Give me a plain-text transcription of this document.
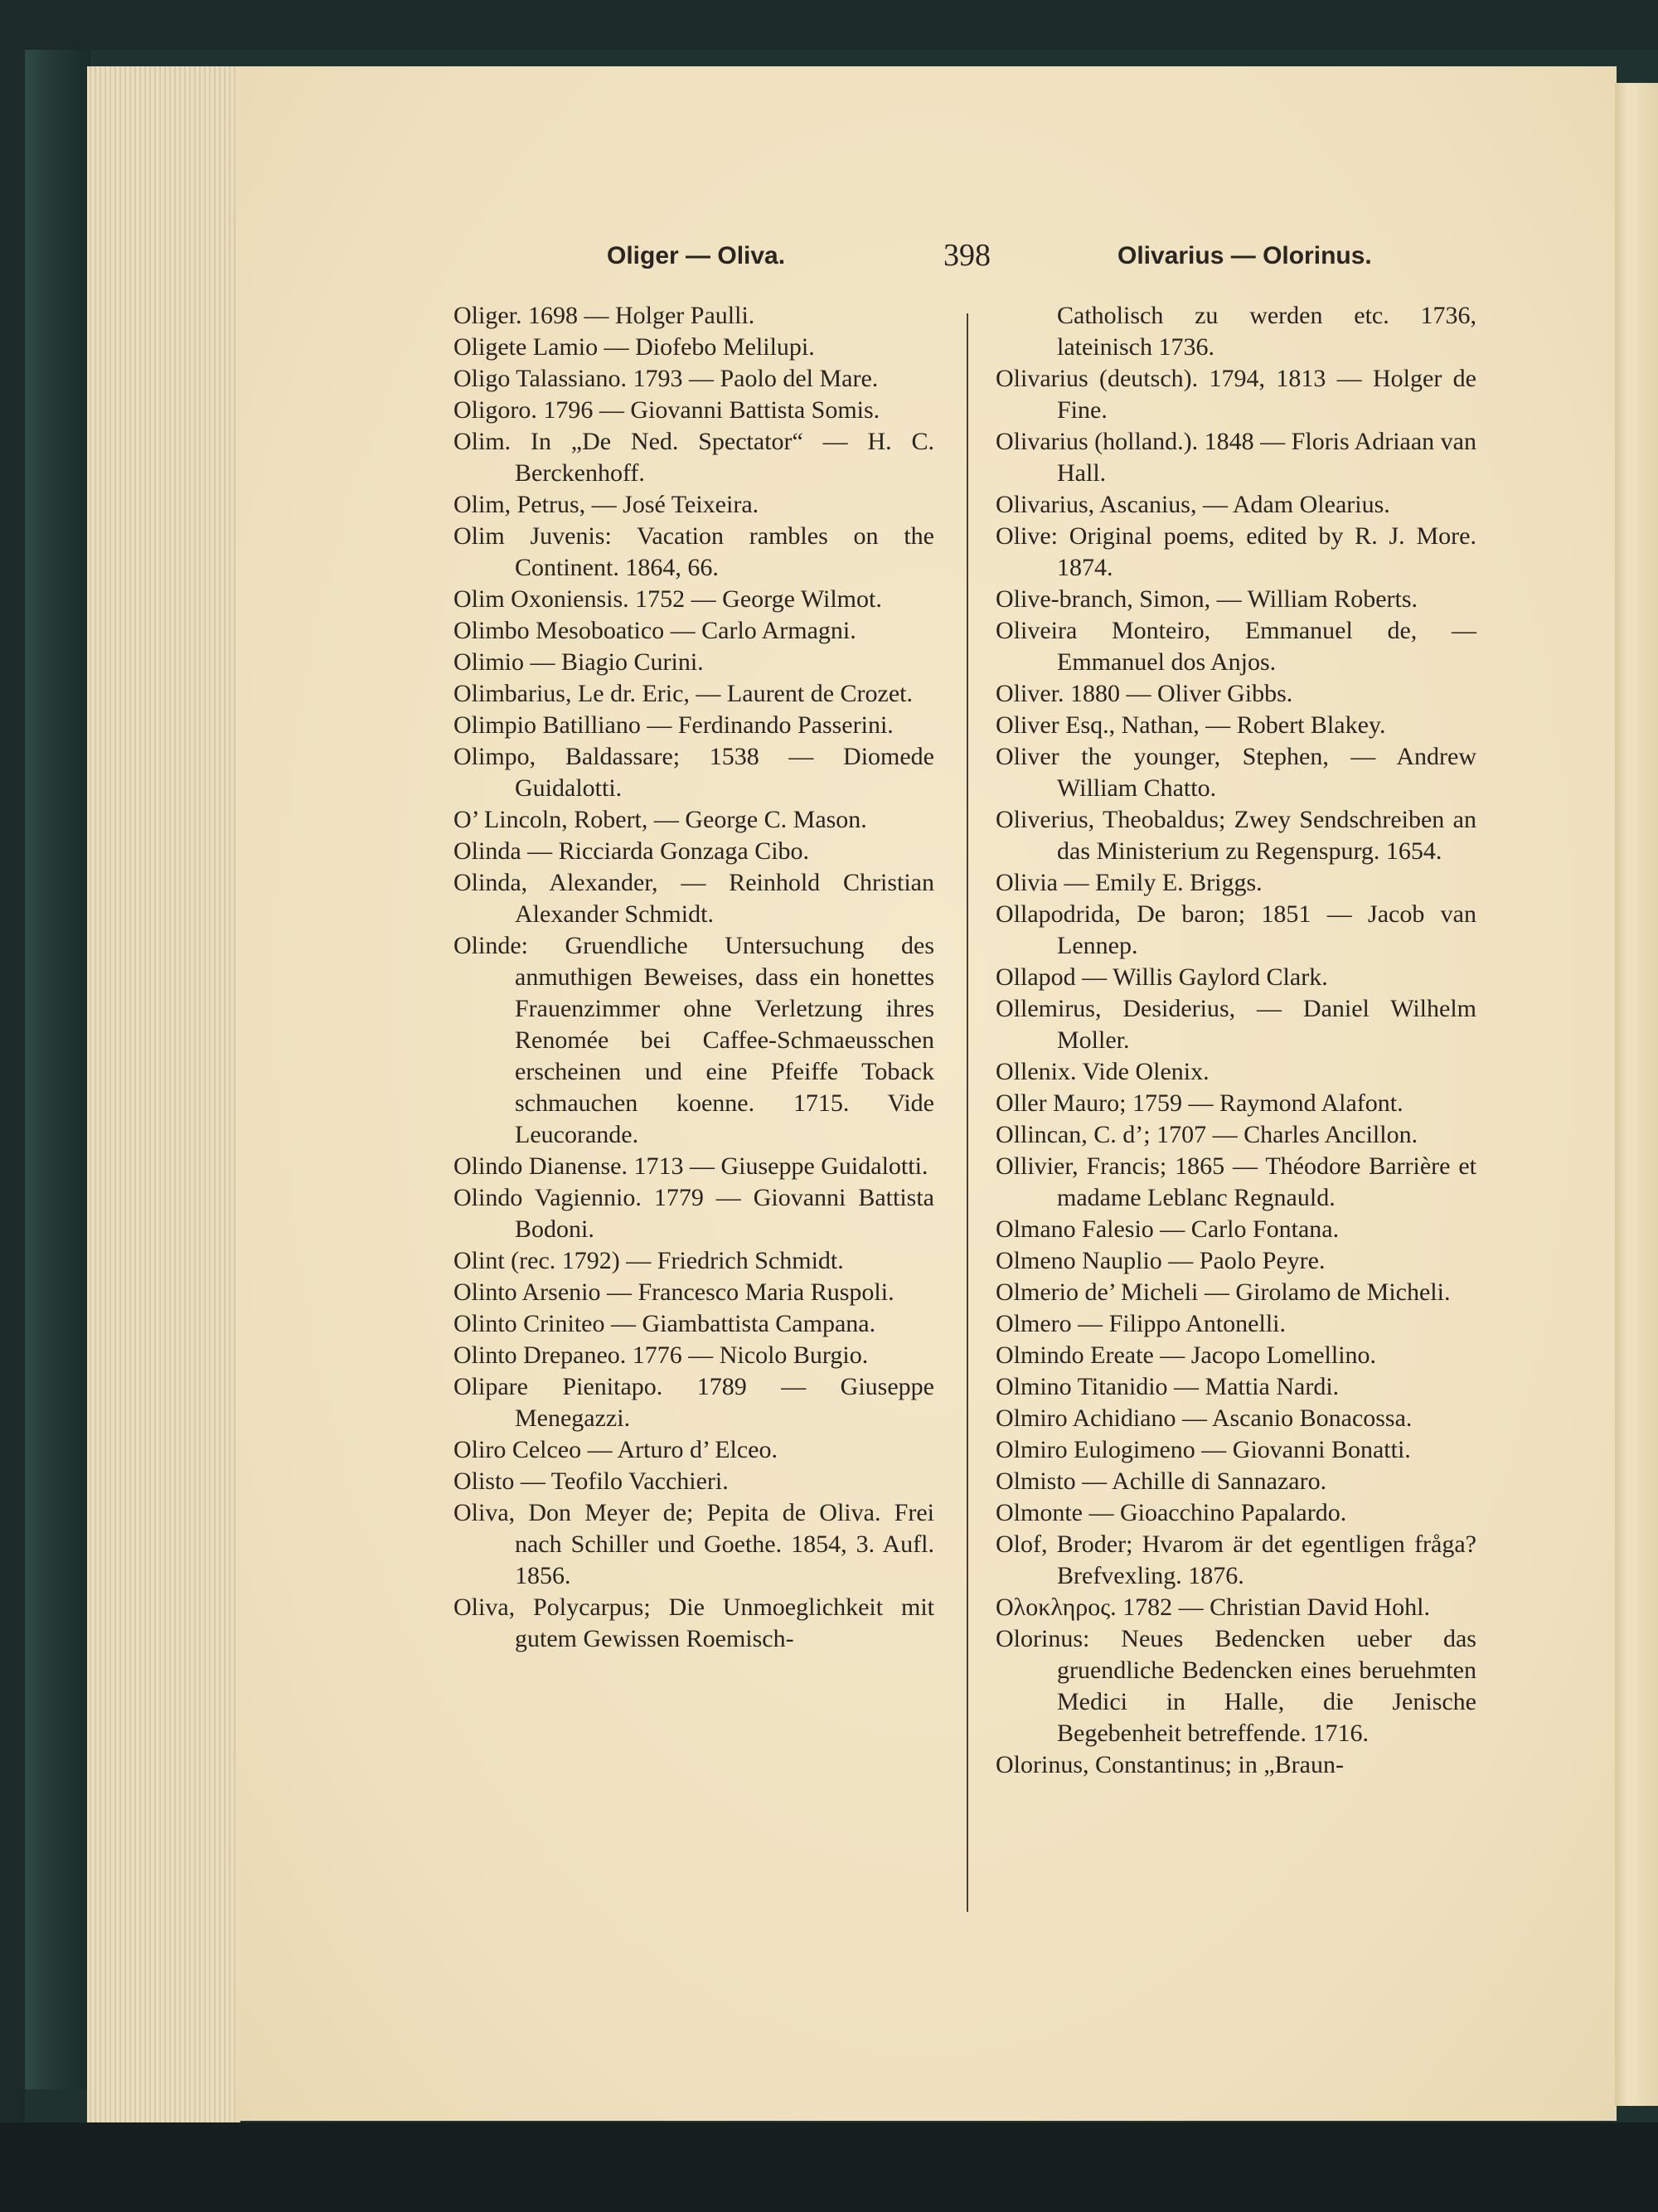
Oliger — Oliva.	398	Olivarius — Olorinus.

Oliger. 1698 — Holger Paulli.

Oligete Lamio — Diofebo Melilupi.

Oligo Talassiano. 1793 — Paolo del Mare.

Oligoro. 1796 — Giovanni Battista Somis.

Olim. In „De Ned. Spectator“ — H. C. Berckenhoff.

Olim, Petrus, — José Teixeira.

Olim Juvenis: Vacation rambles on the Continent. 1864, 66.

Olim Oxoniensis. 1752 — George Wilmot.

Olimbo Mesoboatico — Carlo Armagni.

Olimio — Biagio Curini.

Olimbarius, Le dr. Eric, — Laurent de Crozet.

Olimpio Batilliano — Ferdinando Passerini.

Olimpo, Baldassare; 1538 — Diomede Guidalotti.

O’ Lincoln, Robert, — George C. Mason.

Olinda — Ricciarda Gonzaga Cibo.

Olinda, Alexander, — Reinhold Christian Alexander Schmidt.

Olinde: Gruendliche Untersuchung des anmuthigen Beweises, dass ein honettes Frauenzimmer ohne Verletzung ihres Renomée bei Caffee-Schmaeusschen erscheinen und eine Pfeiffe Toback schmauchen koenne. 1715. Vide Leucorande.

Olindo Dianense. 1713 — Giuseppe Guidalotti.

Olindo Vagiennio. 1779 — Giovanni Battista Bodoni.

Olint (rec. 1792) — Friedrich Schmidt.

Olinto Arsenio — Francesco Maria Ruspoli.

Olinto Criniteo — Giambattista Campana.

Olinto Drepaneo. 1776 — Nicolo Burgio.

Olipare Pienitapo. 1789 — Giuseppe Menegazzi.

Oliro Celceo — Arturo d’ Elceo.

Olisto — Teofilo Vacchieri.

Oliva, Don Meyer de; Pepita de Oliva. Frei nach Schiller und Goethe. 1854, 3. Aufl. 1856.

Oliva, Polycarpus; Die Unmoeglichkeit mit gutem Gewissen Roemisch-

Catholisch zu werden etc. 1736, lateinisch 1736.

Olivarius (deutsch). 1794, 1813 — Holger de Fine.

Olivarius (holland.). 1848 — Floris Adriaan van Hall.

Olivarius, Ascanius, — Adam Olearius.

Olive: Original poems, edited by R. J. More. 1874.

Olive-branch, Simon, — William Roberts.

Oliveira Monteiro, Emmanuel de, — Emmanuel dos Anjos.

Oliver. 1880 — Oliver Gibbs.

Oliver Esq., Nathan, — Robert Blakey.

Oliver the younger, Stephen, — Andrew William Chatto.

Oliverius, Theobaldus; Zwey Sendschreiben an das Ministerium zu Regenspurg. 1654.

Olivia — Emily E. Briggs.

Ollapodrida, De baron; 1851 — Jacob van Lennep.

Ollapod — Willis Gaylord Clark.

Ollemirus, Desiderius, — Daniel Wilhelm Moller.

Ollenix. Vide Olenix.

Oller Mauro; 1759 — Raymond Alafont.

Ollincan, C. d’; 1707 — Charles Ancillon.

Ollivier, Francis; 1865 — Théodore Barrière et madame Leblanc Regnauld.

Olmano Falesio — Carlo Fontana.

Olmeno Nauplio — Paolo Peyre.

Olmerio de’ Micheli — Girolamo de Micheli.

Olmero — Filippo Antonelli.

Olmindo Ereate — Jacopo Lomellino.

Olmino Titanidio — Mattia Nardi.

Olmiro Achidiano — Ascanio Bonacossa.

Olmiro Eulogimeno — Giovanni Bonatti.

Olmisto — Achille di Sannazaro.

Olmonte — Gioacchino Papalardo.

Olof, Broder; Hvarom är det egentligen fråga? Brefvexling. 1876.

Ολοκληρος. 1782 — Christian David Hohl.

Olorinus: Neues Bedencken ueber das gruendliche Bedencken eines beruehmten Medici in Halle, die Jenische Begebenheit betreffende. 1716.

Olorinus, Constantinus; in „Braun-
